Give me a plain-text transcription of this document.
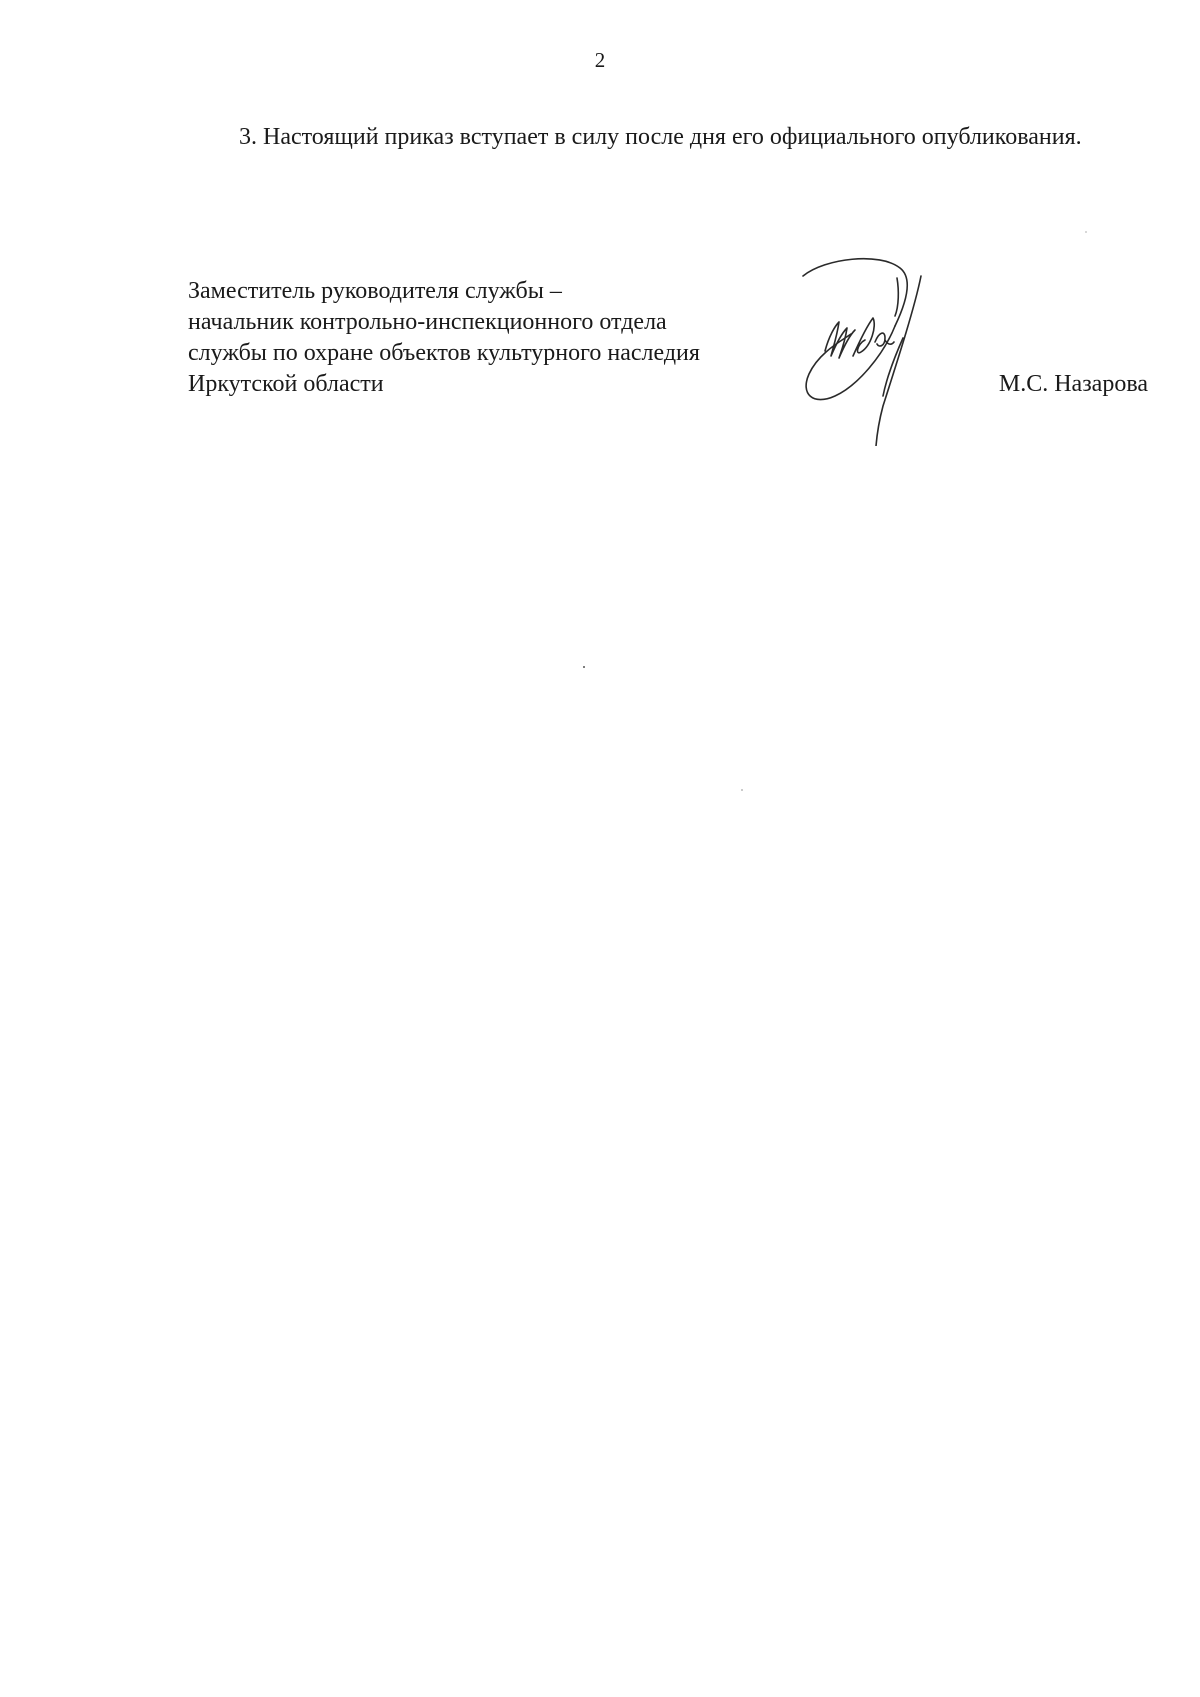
2

3. Настоящий приказ вступает в силу после дня его официального опубликования.

Заместитель руководителя службы –
начальник контрольно-инспекционного отдела
службы по охране объектов культурного наследия
Иркутской области	М.С. Назарова
